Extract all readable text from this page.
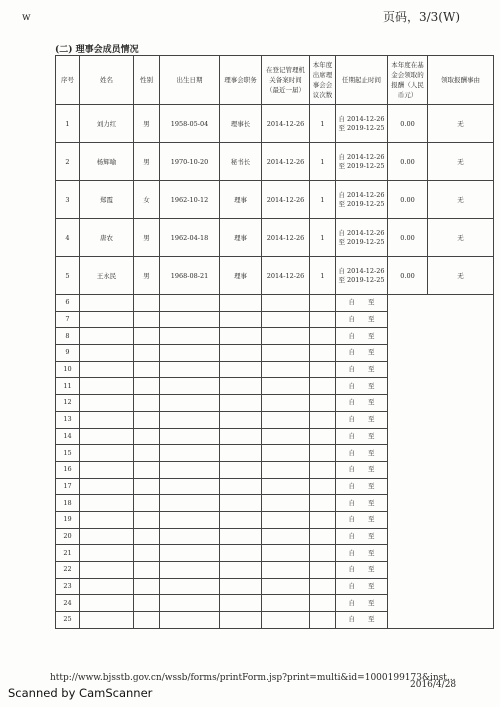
w	页码，3/3(W)
(二) 理事会成员情况
序号	姓名	性别	出生日期	理事会职务	在登记管理机关备案时间（最近一届）	本年度出席理事会会议次数	任期起止时间	本年度在基金会领取的报酬（人民币元）	领取报酬事由
1	刘力红	男	1958-05-04	理事长	2014-12-26	1	自 2014-12-26
至 2019-12-25	0.00	无
2	杨辉喻	男	1970-10-20	秘书长	2014-12-26	1	自 2014-12-26
至 2019-12-25	0.00	无
3	郑霞	女	1962-10-12	理事	2014-12-26	1	自 2014-12-26
至 2019-12-25	0.00	无
4	唐农	男	1962-04-18	理事	2014-12-26	1	自 2014-12-26
至 2019-12-25	0.00	无
5	王永民	男	1968-08-21	理事	2014-12-26	1	自 2014-12-26
至 2019-12-25	0.00	无
6							自　　至		
7							自　　至		
8							自　　至		
9							自　　至		
10							自　　至		
11							自　　至		
12							自　　至		
13							自　　至		
14							自　　至		
15							自　　至		
16							自　　至		
17							自　　至		
18							自　　至		
19							自　　至		
20							自　　至		
21							自　　至		
22							自　　至		
23							自　　至		
24							自　　至		
25							自　　至		
http://www.bjsstb.gov.cn/wssb/forms/printForm.jsp?print=multi&id=1000199173&inst...
2016/4/28
Scanned by CamScanner
